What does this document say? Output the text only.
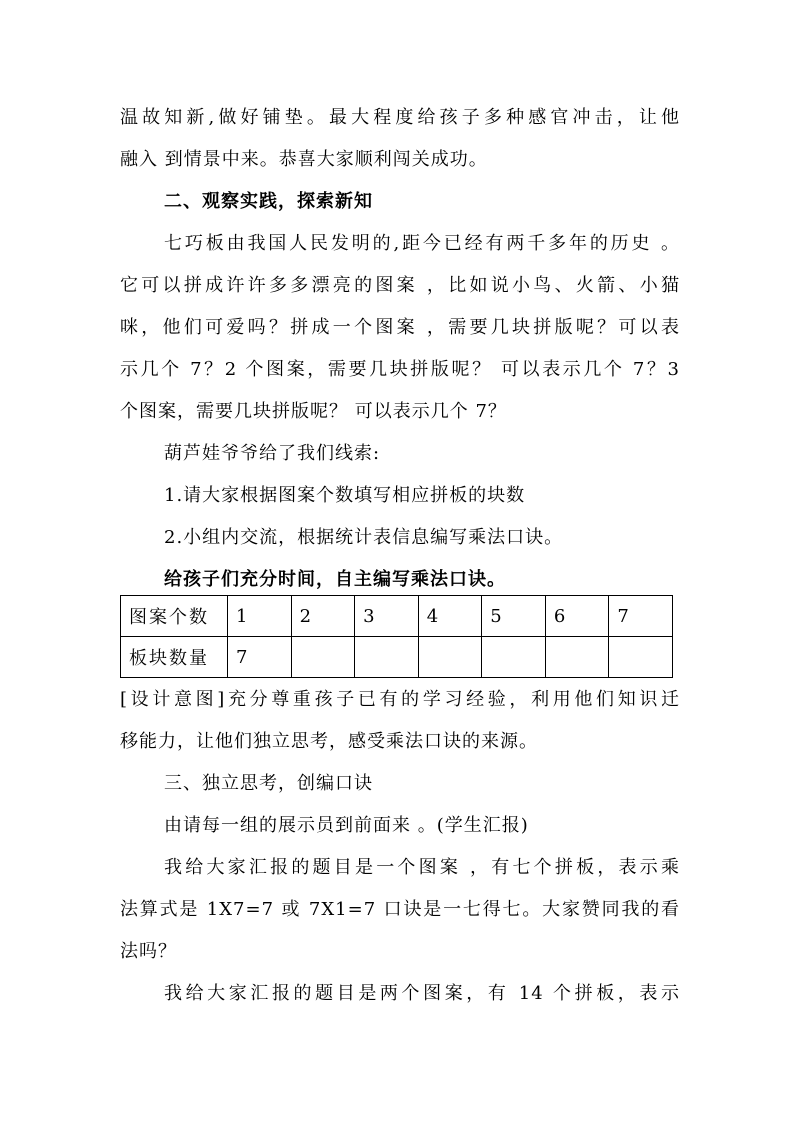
温故知新,做好铺垫。最大程度给孩子多种感官冲击，让他
融入 到情景中来。恭喜大家顺利闯关成功。
二、观察实践，探索新知
七巧板由我国人民发明的,距今已经有两千多年的历史 。
它可以拼成许许多多漂亮的图案 ，比如说小鸟、火箭、小猫
咪，他们可爱吗？拼成一个图案 ，需要几块拼版呢？可以表
示几个 7？2 个图案，需要几块拼版呢？ 可以表示几个 7？3
个图案，需要几块拼版呢？ 可以表示几个 7？
葫芦娃爷爷给了我们线索:
1.请大家根据图案个数填写相应拼板的块数
2.小组内交流，根据统计表信息编写乘法口诀。
给孩子们充分时间，自主编写乘法口诀。
图案个数	1	2	3	4	5	6	7
板块数量	7						
[设计意图]充分尊重孩子已有的学习经验，利用他们知识迁
移能力，让他们独立思考，感受乘法口诀的来源。
三、独立思考，创编口诀
由请每一组的展示员到前面来 。(学生汇报)
我给大家汇报的题目是一个图案 ，有七个拼板，表示乘
法算式是 1X7=7 或 7X1=7 口诀是一七得七。大家赞同我的看
法吗？
我给大家汇报的题目是两个图案，有 14 个拼板，表示
